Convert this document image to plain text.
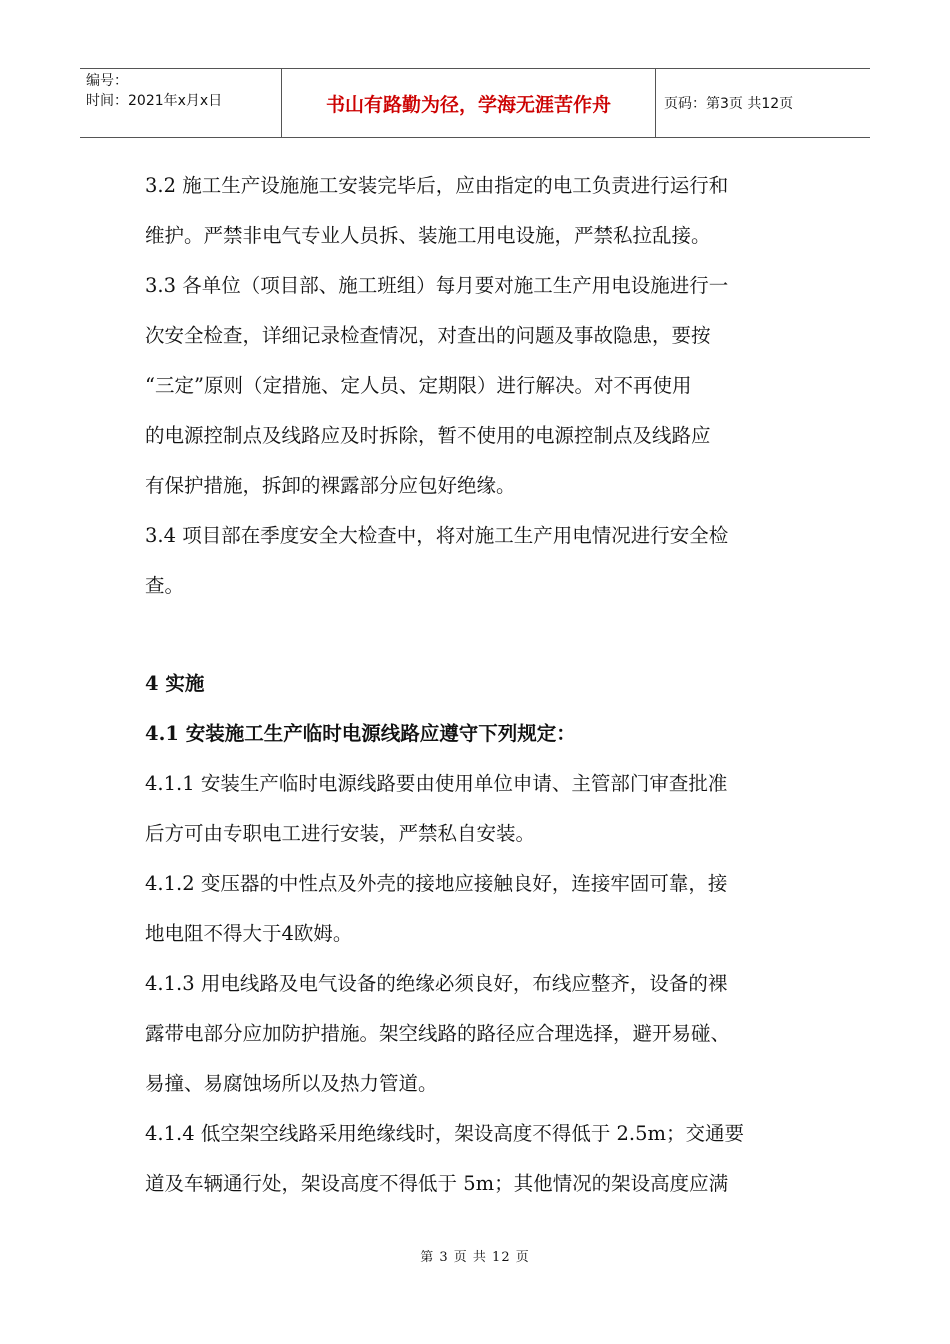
编号：
时间：2021年x月x日	书山有路勤为径，学海无涯苦作舟	页码：第3页 共12页
3.2 施工生产设施施工安装完毕后，应由指定的电工负责进行运行和
维护。严禁非电气专业人员拆、装施工用电设施，严禁私拉乱接。
3.3 各单位（项目部、施工班组）每月要对施工生产用电设施进行一
次安全检查，详细记录检查情况，对查出的问题及事故隐患，要按
“三定”原则（定措施、定人员、定期限）进行解决。对不再使用
的电源控制点及线路应及时拆除，暂不使用的电源控制点及线路应
有保护措施，拆卸的裸露部分应包好绝缘。
3.4 项目部在季度安全大检查中，将对施工生产用电情况进行安全检
查。
4 实施
4.1 安装施工生产临时电源线路应遵守下列规定：
4.1.1 安装生产临时电源线路要由使用单位申请、主管部门审查批准
后方可由专职电工进行安装，严禁私自安装。
4.1.2 变压器的中性点及外壳的接地应接触良好，连接牢固可靠，接
地电阻不得大于4欧姆。
4.1.3 用电线路及电气设备的绝缘必须良好，布线应整齐，设备的裸
露带电部分应加防护措施。架空线路的路径应合理选择，避开易碰、
易撞、易腐蚀场所以及热力管道。
4.1.4 低空架空线路采用绝缘线时，架设高度不得低于 2.5m；交通要
道及车辆通行处，架设高度不得低于 5m；其他情况的架设高度应满
第 3 页 共 12 页
